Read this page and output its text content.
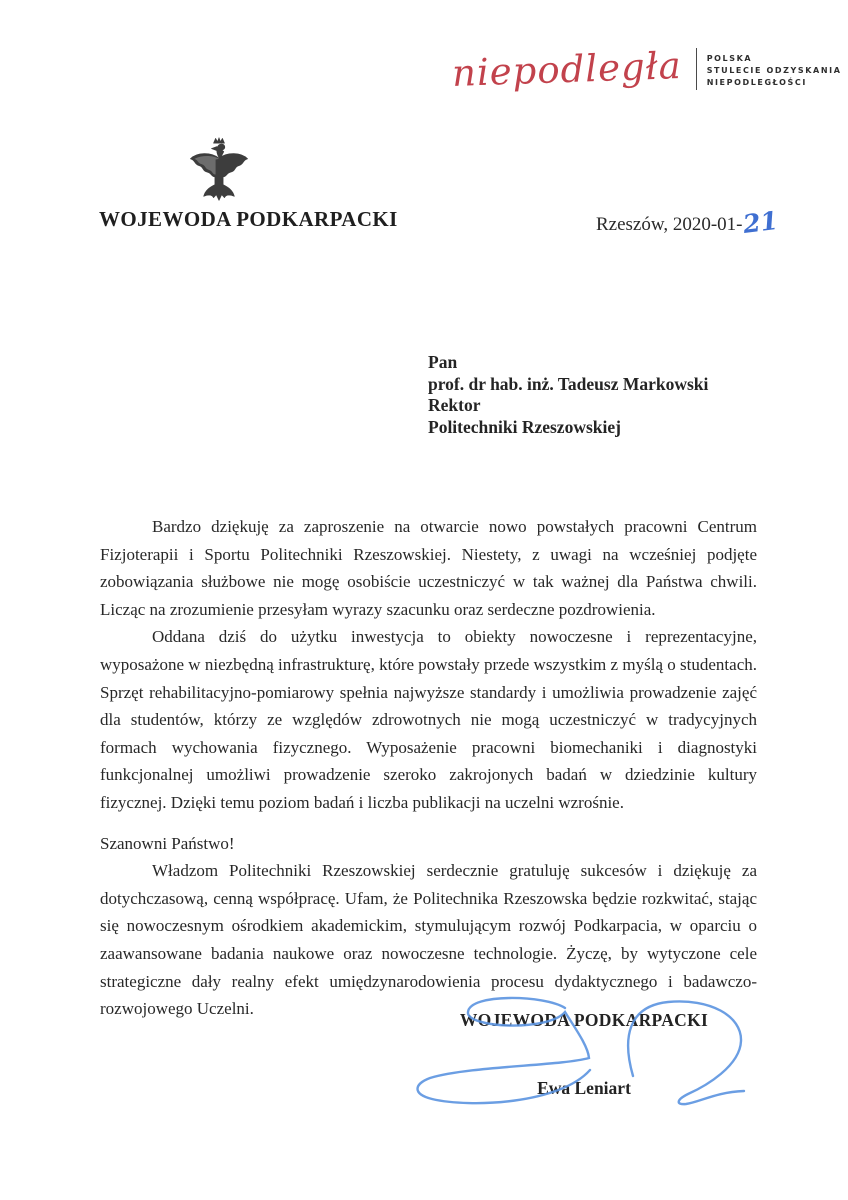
niepodległa	POLSKA
STULECIE ODZYSKANIA
NIEPODLEGŁOŚCI
WOJEWODA PODKARPACKI	Rzeszów, 2020-01-21
Pan
prof. dr hab. inż. Tadeusz Markowski
Rektor
Politechniki Rzeszowskiej

Bardzo dziękuję za zaproszenie na otwarcie nowo powstałych pracowni Centrum Fizjoterapii i Sportu Politechniki Rzeszowskiej. Niestety, z uwagi na wcześniej podjęte zobowiązania służbowe nie mogę osobiście uczestniczyć w tak ważnej dla Państwa chwili. Licząc na zrozumienie przesyłam wyrazy szacunku oraz serdeczne pozdrowienia.

Oddana dziś do użytku inwestycja to obiekty nowoczesne i reprezentacyjne, wyposażone w niezbędną infrastrukturę, które powstały przede wszystkim z myślą o studentach. Sprzęt rehabilitacyjno-pomiarowy spełnia najwyższe standardy i umożliwia prowadzenie zajęć dla studentów, którzy ze względów zdrowotnych nie mogą uczestniczyć w tradycyjnych formach wychowania fizycznego. Wyposażenie pracowni biomechaniki i diagnostyki funkcjonalnej umożliwi prowadzenie szeroko zakrojonych badań w dziedzinie kultury fizycznej. Dzięki temu poziom badań i liczba publikacji na uczelni wzrośnie.

Szanowni Państwo!

Władzom Politechniki Rzeszowskiej serdecznie gratuluję sukcesów i dziękuję za dotychczasową, cenną współpracę. Ufam, że Politechnika Rzeszowska będzie rozkwitać, stając się nowoczesnym ośrodkiem akademickim, stymulującym rozwój Podkarpacia, w oparciu o zaawansowane badania naukowe oraz nowoczesne technologie. Życzę, by wytyczone cele strategiczne dały realny efekt umiędzynarodowienia procesu dydaktycznego i badawczo-rozwojowego Uczelni.

WOJEWODA PODKARPACKI
Ewa Leniart
